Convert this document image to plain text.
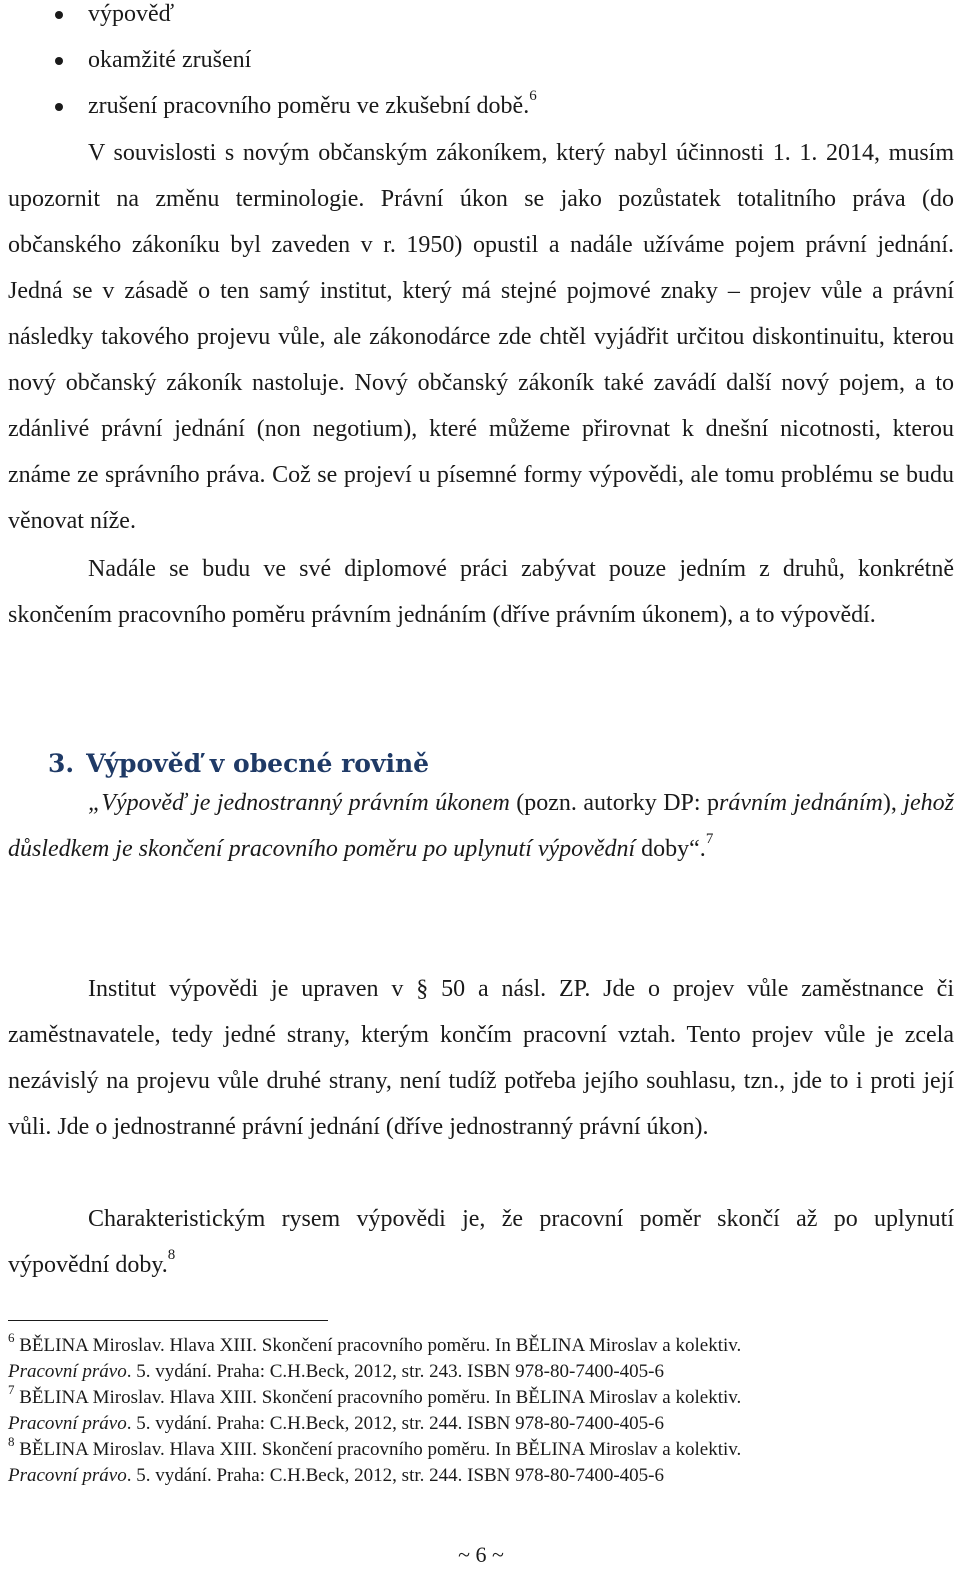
výpověď
okamžité zrušení
zrušení pracovního poměru ve zkušební době.$^6$

V souvislosti s novým občanským zákoníkem, který nabyl účinnosti 1. 1. 2014, musím upozornit na změnu terminologie. Právní úkon se jako pozůstatek totalitního práva (do občanského zákoníku byl zaveden v r. 1950) opustil a nadále užíváme pojem právní jednání. Jedná se v zásadě o ten samý institut, který má stejné pojmové znaky – projev vůle a právní následky takového projevu vůle, ale zákonodárce zde chtěl vyjádřit určitou diskontinuitu, kterou nový občanský zákoník nastoluje. Nový občanský zákoník také zavádí další nový pojem, a to zdánlivé právní jednání (non negotium), které můžeme přirovnat k dnešní nicotnosti, kterou známe ze správního práva. Což se projeví u písemné formy výpovědi, ale tomu problému se budu věnovat níže.

Nadále se budu ve své diplomové práci zabývat pouze jedním z druhů, konkrétně skončením pracovního poměru právním jednáním (dříve právním úkonem), a to výpovědí.

3. Výpověď v obecné rovině

„Výpověď je jednostranný právním úkonem (pozn. autorky DP: právním jednáním), jehož důsledkem je skončení pracovního poměru po uplynutí výpovědní doby“.$^7$

Institut výpovědi je upraven v § 50 a násl. ZP. Jde o projev vůle zaměstnance či zaměstnavatele, tedy jedné strany, kterým končím pracovní vztah. Tento projev vůle je zcela nezávislý na projevu vůle druhé strany, není tudíž potřeba jejího souhlasu, tzn., jde to i proti její vůli. Jde o jednostranné právní jednání (dříve jednostranný právní úkon).

Charakteristickým rysem výpovědi je, že pracovní poměr skončí až po uplynutí výpovědní doby.$^8$

$^6$ BĚLINA Miroslav. Hlava XIII. Skončení pracovního poměru. In BĚLINA Miroslav a kolektiv.

Pracovní právo. 5. vydání. Praha: C.H.Beck, 2012, str. 243. ISBN 978-80-7400-405-6

$^7$ BĚLINA Miroslav. Hlava XIII. Skončení pracovního poměru. In BĚLINA Miroslav a kolektiv.

Pracovní právo. 5. vydání. Praha: C.H.Beck, 2012, str. 244. ISBN 978-80-7400-405-6

$^8$ BĚLINA Miroslav. Hlava XIII. Skončení pracovního poměru. In BĚLINA Miroslav a kolektiv.

Pracovní právo. 5. vydání. Praha: C.H.Beck, 2012, str. 244. ISBN 978-80-7400-405-6

~ 6 ~
